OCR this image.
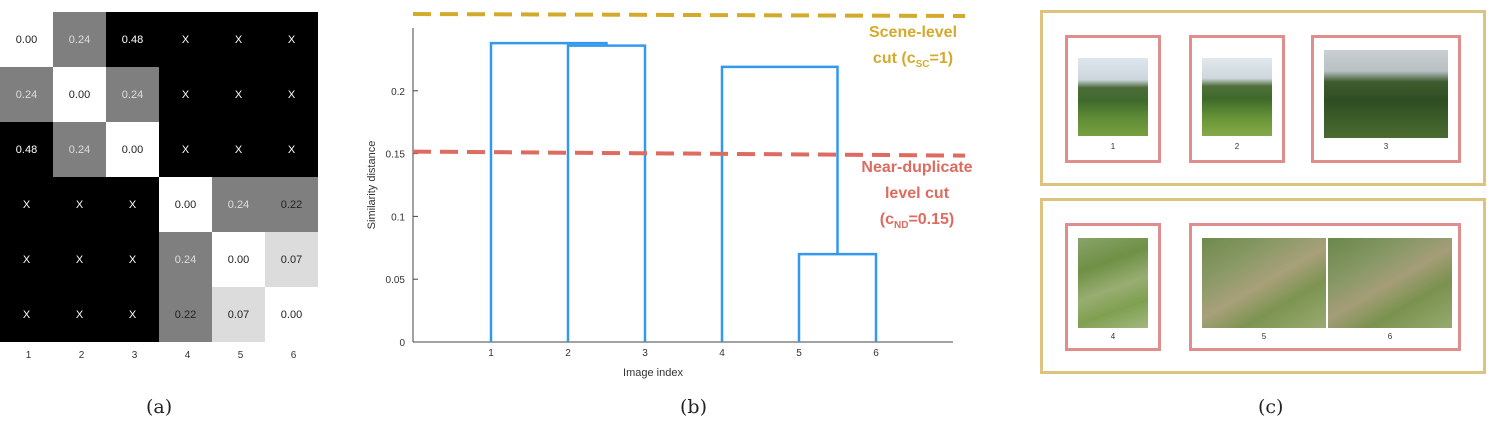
0.00	0.24	0.48	X	X	X
0.24	0.00	0.24	X	X	X
0.48	0.24	0.00	X	X	X
X	X	X	0.00	0.24	0.22
X	X	X	0.24	0.00	0.07
X	X	X	0.22	0.07	0.00
1	2	3	4	5	6
(a)
0
0.05
0.1
0.15
0.2
1	2	3	4	5	6
Image index
Similarity distance
Scene-level
cut $(c_{SC}=1)$
Near-duplicate
level cut
$(c_{ND}=0.15)$
(b)
1	2	3
4	5	6
(c)
